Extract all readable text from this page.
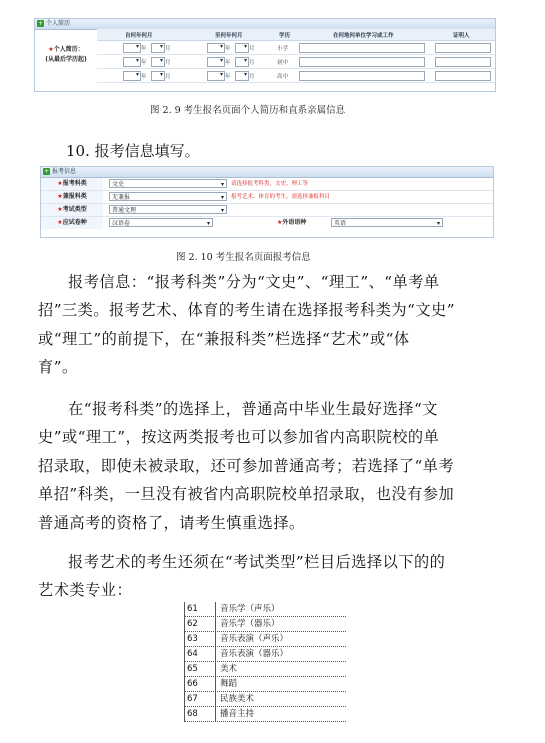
+ 个人简历
自何年何月	至何年何月	学历	在何地何单位学习或工作	证明人
★个人简历：
(从最后学历起)
▾
年 ▾	月 ▾	年 ▾	月	小学
▾
年 ▾	月 ▾	年 ▾	月	初中
▾
年 ▾	月 ▾	年 ▾	月	高中
图 2. 9 考生报名页面个人简历和直系亲属信息
10. 报考信息填写。
+ 报考信息
★报考科类	文史 ▾	请选择报考科类，文史、理工等
★兼报科类	无兼报 ▾	报考艺术、体育的考生，需选择兼报科目
★考试类型	普通文理 ▾
★应试卷种	汉语卷 ▾	★外语语种	英语 ▾
图 2. 10 考生报名页面报考信息
报考信息：“报考科类”分为“文史”、“理工”、“单考单
招”三类。报考艺术、体育的考生请在选择报考科类为“文史”
或“理工”的前提下，在“兼报科类”栏选择“艺术”或“体
育”。
在“报考科类”的选择上，普通高中毕业生最好选择“文
史”或“理工”，按这两类报考也可以参加省内高职院校的单
招录取，即使未被录取，还可参加普通高考；若选择了“单考
单招”科类，一旦没有被省内高职院校单招录取，也没有参加
普通高考的资格了，请考生慎重选择。
报考艺术的考生还须在“考试类型”栏目后选择以下的的
艺术类专业：
61	音乐学（声乐）
62	音乐学（器乐）
63	音乐表演（声乐）
64	音乐表演（器乐）
65	美术
66	舞蹈
67	民族美术
68	播音主持
